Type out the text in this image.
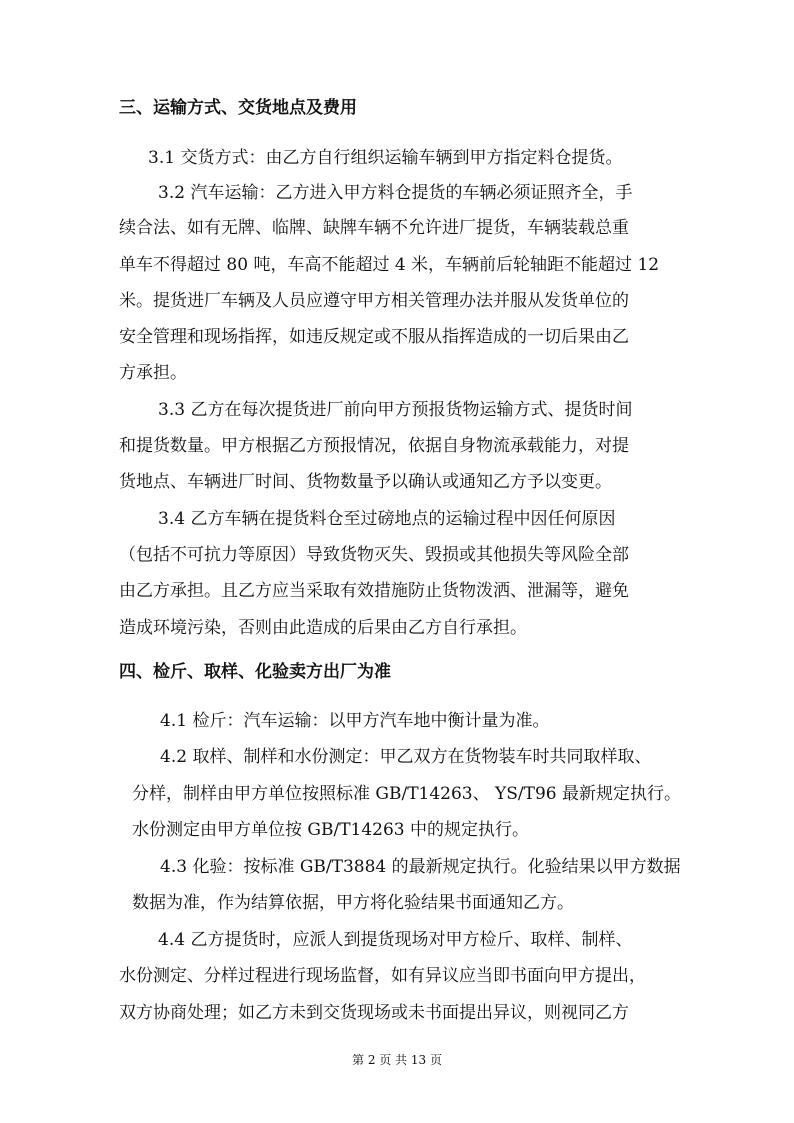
三、运输方式、交货地点及费用
3.1 交货方式：由乙方自行组织运输车辆到甲方指定料仓提货。
3.2 汽车运输：乙方进入甲方料仓提货的车辆必须证照齐全，手
续合法、如有无牌、临牌、缺牌车辆不允许进厂提货，车辆装载总重
单车不得超过 80 吨，车高不能超过 4 米，车辆前后轮轴距不能超过 12
米。提货进厂车辆及人员应遵守甲方相关管理办法并服从发货单位的
安全管理和现场指挥，如违反规定或不服从指挥造成的一切后果由乙
方承担。
3.3 乙方在每次提货进厂前向甲方预报货物运输方式、提货时间
和提货数量。甲方根据乙方预报情况，依据自身物流承载能力，对提
货地点、车辆进厂时间、货物数量予以确认或通知乙方予以变更。
3.4 乙方车辆在提货料仓至过磅地点的运输过程中因任何原因
（包括不可抗力等原因）导致货物灭失、毁损或其他损失等风险全部
由乙方承担。且乙方应当采取有效措施防止货物泼洒、泄漏等，避免
造成环境污染，否则由此造成的后果由乙方自行承担。
四、检斤、取样、化验卖方出厂为准
4.1 检斤：汽车运输：以甲方汽车地中衡计量为准。
4.2 取样、制样和水份测定：甲乙双方在货物装车时共同取样取、
分样，制样由甲方单位按照标准 GB/T14263、 YS/T96 最新规定执行。
水份测定由甲方单位按 GB/T14263 中的规定执行。
4.3 化验：按标准 GB/T3884 的最新规定执行。化验结果以甲方数据
数据为准，作为结算依据，甲方将化验结果书面通知乙方。
4.4 乙方提货时，应派人到提货现场对甲方检斤、取样、制样、
水份测定、分样过程进行现场监督，如有异议应当即书面向甲方提出，
双方协商处理；如乙方未到交货现场或未书面提出异议，则视同乙方
第 2 页 共 13 页
